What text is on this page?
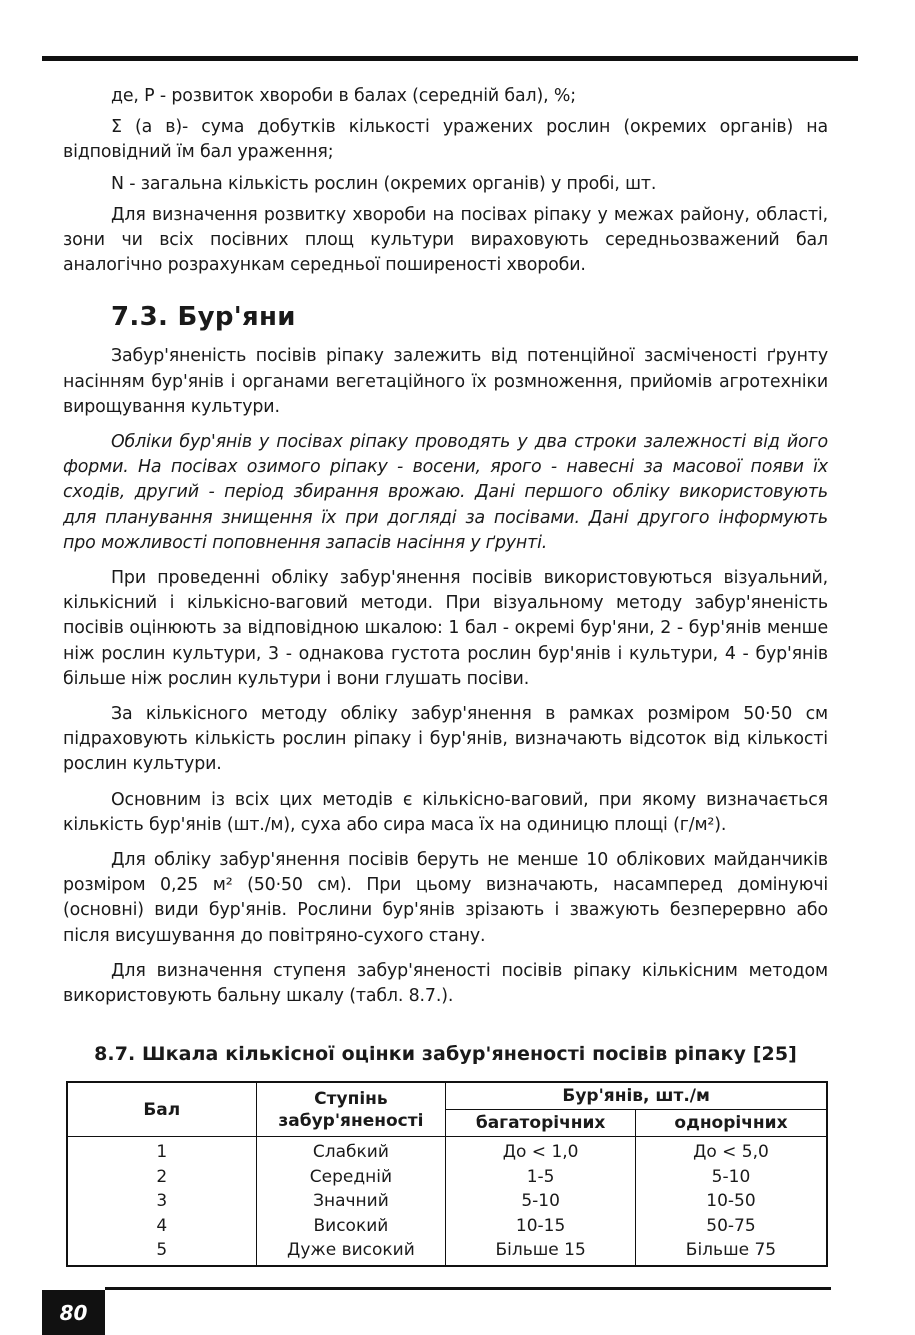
де, P - розвиток хвороби в балах (середній бал), %;

Σ (а в)- сума добутків кількості уражених рослин (окремих органів) на відповідний їм бал ураження;

N - загальна кількість рослин (окремих органів) у пробі, шт.

Для визначення розвитку хвороби на посівах ріпаку у межах району, області, зони чи всіх посівних площ культури вираховують середньозважений бал аналогічно розрахункам середньої поширеності хвороби.

7.3. Бур'яни

Забур'яненість посівів ріпаку залежить від потенційної засміченості ґрунту насінням бур'янів і органами вегетаційного їх розмноження, прийомів агротехніки вирощування культури.

Обліки бур'янів у посівах ріпаку проводять у два строки залежності від його форми. На посівах озимого ріпаку - восени, ярого - навесні за масової появи їх сходів, другий - період збирання врожаю. Дані першого обліку використовують для планування знищення їх при догляді за посівами. Дані другого інформують про можливості поповнення запасів насіння у ґрунті.

При проведенні обліку забур'янення посівів використовуються візуальний, кількісний і кількісно-ваговий методи. При візуальному методу забур'яненість посівів оцінюють за відповідною шкалою: 1 бал - окремі бур'яни, 2 - бур'янів менше ніж рослин культури, 3 - однакова густота рослин бур'янів і культури, 4 - бур'янів більше ніж рослин культури і вони глушать посіви.

За кількісного методу обліку забур'янення в рамках розміром 50·50 см підраховують кількість рослин ріпаку і бур'янів, визначають відсоток від кількості рослин культури.

Основним із всіх цих методів є кількісно-ваговий, при якому визначається кількість бур'янів (шт./м), суха або сира маса їх на одиницю площі (г/м²).

Для обліку забур'янення посівів беруть не менше 10 облікових майданчиків розміром 0,25 м² (50·50 см). При цьому визначають, насамперед домінуючі (основні) види бур'янів. Рослини бур'янів зрізають і зважують безперервно або після висушування до повітряно-сухого стану.

Для визначення ступеня забур'яненості посівів ріпаку кількісним методом використовують бальну шкалу (табл. 8.7.).

8.7. Шкала кількісної оцінки забур'яненості посівів ріпаку [25]
Бал	Ступінь забур'яненості	Бур'янів, шт./м	
		багаторічних	однорічних
1	Слабкий	До < 1,0	До < 5,0
2	Середній	1-5	5-10
3	Значний	5-10	10-50
4	Високий	10-15	50-75
5	Дуже високий	Більше 15	Більше 75
80
